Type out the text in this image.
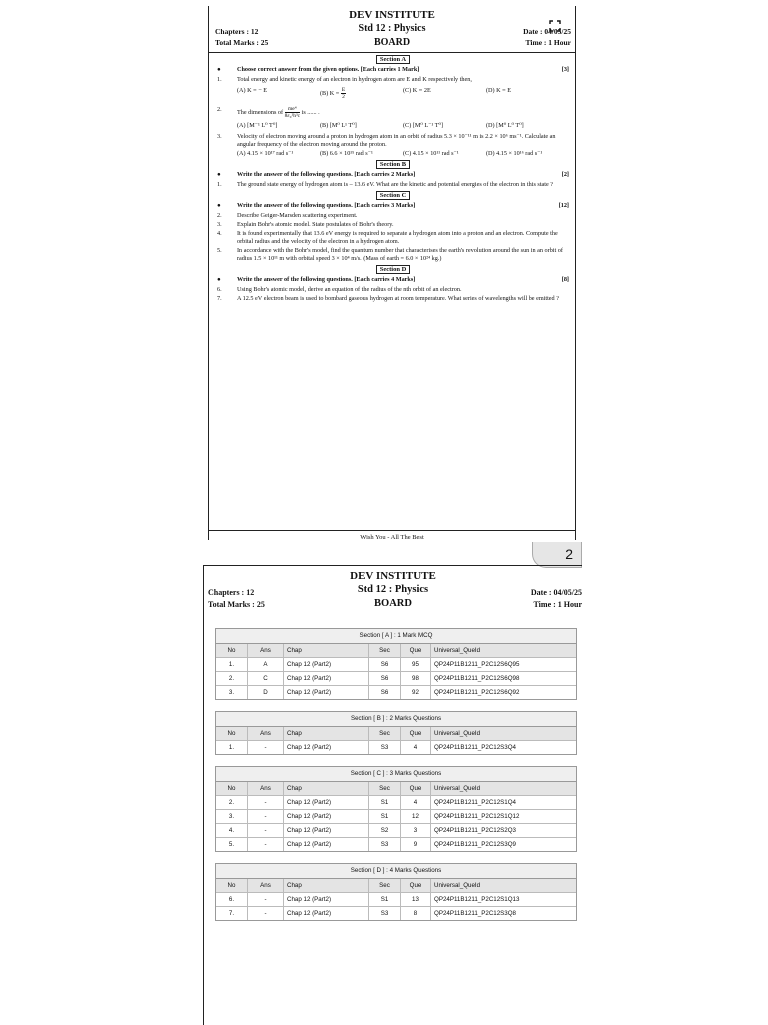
DEV INSTITUTE
Std 12 : Physics
BOARD
Chapters : 12
Total Marks : 25
Date : 04/05/25
Time : 1 Hour
Section A
●	Choose correct answer from the given options. [Each carries 1 Mark]	[3]
1.	Total energy and kinetic energy of an electron in hydrogen atom are E and K respectively then,
(A) K = − E	(B) $K = \frac{E}{2}$	(C) K = 2E	(D) K = E
2.	The dimensions of $\frac{\text{me⁴}}{\text{8ε₀²h³c}}$ is ...... .
(A) [M⁻¹ L⁰ T⁰]	(B) [M⁰ L¹ T⁰]	(C) [M⁰ L⁻¹ T⁰]	(D) [M⁰ L⁰ T⁰]
3.	Velocity of electron moving around a proton in hydrogen atom in an orbit of radius 5.3 × 10⁻¹¹ m is 2.2 × 10⁶ ms⁻¹. Calculate an angular frequency of the electron moving around the proton.
(A) 4.15 × 10¹⁷ rad s⁻¹	(B) 6.6 × 10¹⁵ rad s⁻¹	(C) 4.15 × 10¹¹ rad s⁻¹	(D) 4.15 × 10¹⁶ rad s⁻¹
Section B
●	Write the answer of the following questions. [Each carries 2 Marks]	[2]
1.	The ground state energy of hydrogen atom is – 13.6 eV. What are the kinetic and potential energies of the electron in this state ?
Section C
●	Write the answer of the following questions. [Each carries 3 Marks]	[12]
2.	Describe Geiger-Marsden scattering experiment.
3.	Explain Bohr's atomic model. State postulates of Bohr's theory.
4.	It is found experimentally that 13.6 eV energy is required to separate a hydrogen atom into a proton and an electron. Compute the orbital radius and the velocity of the electron in a hydrogen atom.
5.	In accordance with the Bohr's model, find the quantum number that characterises the earth's revolution around the sun in an orbit of radius 1.5 × 10¹¹ m with orbital speed 3 × 10⁴ m/s. (Mass of earth = 6.0 × 10²⁴ kg.)
Section D
●	Write the answer of the following questions. [Each carries 4 Marks]	[8]
6.	Using Bohr's atomic model, derive an equation of the radius of the nth orbit of an electron.
7.	A 12.5 eV electron beam is used to bombard gaseous hydrogen at room temperature. What series of wavelengths will be emitted ?
Wish You - All The Best
2
DEV INSTITUTE
Std 12 : Physics
BOARD
Chapters : 12
Total Marks : 25
Date : 04/05/25
Time : 1 Hour
Section [ A ] : 1 Mark MCQ
No	Ans	Chap	Sec	Que	Universal_QueId
1.	A	Chap 12 (Part2)	S6	95	QP24P11B1211_P2C12S6Q95
2.	C	Chap 12 (Part2)	S6	98	QP24P11B1211_P2C12S6Q98
3.	D	Chap 12 (Part2)	S6	92	QP24P11B1211_P2C12S6Q92
Section [ B ] : 2 Marks Questions
No	Ans	Chap	Sec	Que	Universal_QueId
1.	-	Chap 12 (Part2)	S3	4	QP24P11B1211_P2C12S3Q4
Section [ C ] : 3 Marks Questions
No	Ans	Chap	Sec	Que	Universal_QueId
2.	-	Chap 12 (Part2)	S1	4	QP24P11B1211_P2C12S1Q4
3.	-	Chap 12 (Part2)	S1	12	QP24P11B1211_P2C12S1Q12
4.	-	Chap 12 (Part2)	S2	3	QP24P11B1211_P2C12S2Q3
5.	-	Chap 12 (Part2)	S3	9	QP24P11B1211_P2C12S3Q9
Section [ D ] : 4 Marks Questions
No	Ans	Chap	Sec	Que	Universal_QueId
6.	-	Chap 12 (Part2)	S1	13	QP24P11B1211_P2C12S1Q13
7.	-	Chap 12 (Part2)	S3	8	QP24P11B1211_P2C12S3Q8
